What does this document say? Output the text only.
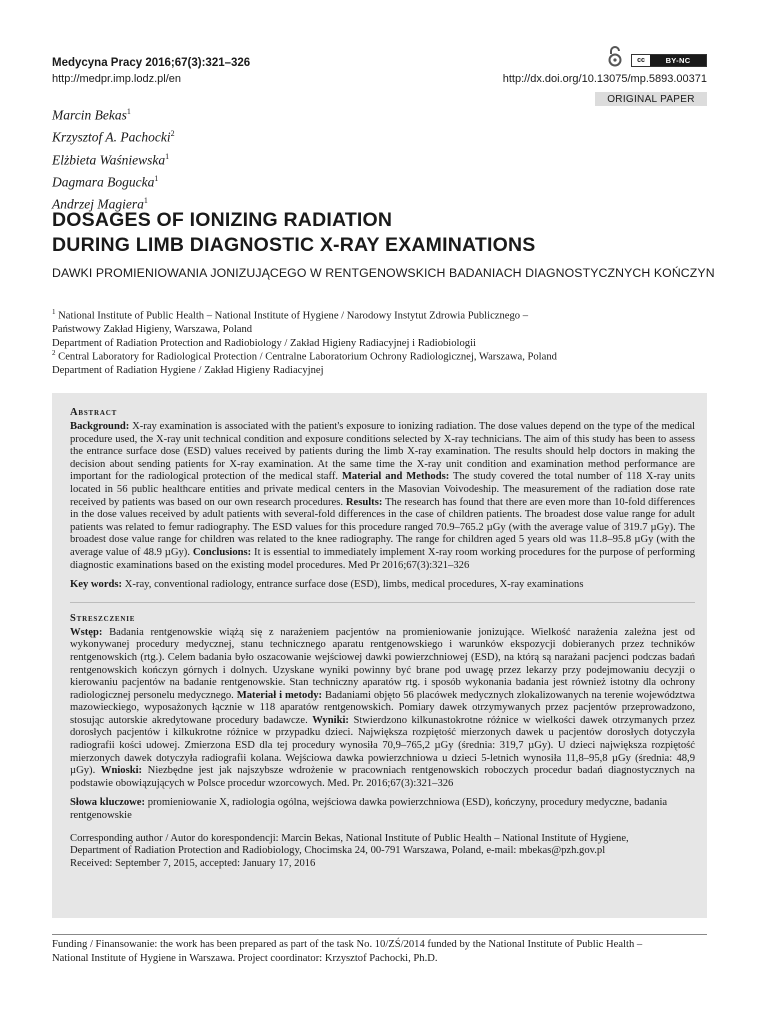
Medycyna Pracy 2016;67(3):321–326
http://medpr.imp.lodz.pl/en
cc	BY-NC
http://dx.doi.org/10.13075/mp.5893.00371
ORIGINAL PAPER
Marcin Bekas$^1$
Krzysztof A. Pachocki$^2$
Elżbieta Waśniewska$^1$
Dagmara Bogucka$^1$
Andrzej Magiera$^1$
DOSAGES OF IONIZING RADIATION
DURING LIMB DIAGNOSTIC X-RAY EXAMINATIONS
DAWKI PROMIENIOWANIA JONIZUJĄCEGO W RENTGENOWSKICH BADANIACH DIAGNOSTYCZNYCH KOŃCZYN
$^1$ National Institute of Public Health – National Institute of Hygiene / Narodowy Instytut Zdrowia Publicznego –
Państwowy Zakład Higieny, Warszawa, Poland
Department of Radiation Protection and Radiobiology / Zakład Higieny Radiacyjnej i Radiobiologii
$^2$ Central Laboratory for Radiological Protection / Centralne Laboratorium Ochrony Radiologicznej, Warszawa, Poland
Department of Radiation Hygiene / Zakład Higieny Radiacyjnej
Abstract

Background: X-ray examination is associated with the patient's exposure to ionizing radiation. The dose values depend on the type of the medical procedure used, the X-ray unit technical condition and exposure conditions selected by X-ray technicians. The aim of this study has been to assess the entrance surface dose (ESD) values received by patients during the limb X-ray examination. The results should help doctors in making the decision about sending patients for X-ray examination. At the same time the X-ray unit condition and examination method performance are important for the radiological protection of the medical staff. Material and Methods: The study covered the total number of 118 X-ray units located in 56 public healthcare entities and private medical centers in the Masovian Voivodeship. The measurement of the radiation dose rate received by patients was based on our own research procedures. Results: The research has found that there are even more than 10-fold differences in the dose values received by adult patients with several-fold differences in the case of children patients. The broadest dose value range for adult patients was related to femur radiography. The ESD values for this procedure ranged 70.9–765.2 µGy (with the average value of 319.7 µGy). The broadest dose value range for children was related to the knee radiography. The range for children aged 5 years old was 11.8–95.8 µGy (with the average value of 48.9 µGy). Conclusions: It is essential to immediately implement X-ray room working procedures for the purpose of performing diagnostic examinations based on the existing model procedures. Med Pr 2016;67(3):321–326

Key words: X-ray, conventional radiology, entrance surface dose (ESD), limbs, medical procedures, X-ray examinations

Streszczenie

Wstęp: Badania rentgenowskie wiążą się z narażeniem pacjentów na promieniowanie jonizujące. Wielkość narażenia zależna jest od wykonywanej procedury medycznej, stanu technicznego aparatu rentgenowskiego i warunków ekspozycji dobieranych przez techników rentgenowskich (rtg.). Celem badania było oszacowanie wejściowej dawki powierzchniowej (ESD), na którą są narażani pacjenci podczas badań rentgenowskich kończyn górnych i dolnych. Uzyskane wyniki powinny być brane pod uwagę przez lekarzy przy podejmowaniu decyzji o kierowaniu pacjentów na badanie rentgenowskie. Stan techniczny aparatów rtg. i sposób wykonania badania jest również istotny dla ochrony radiologicznej personelu medycznego. Materiał i metody: Badaniami objęto 56 placówek medycznych zlokalizowanych na terenie województwa mazowieckiego, wyposażonych łącznie w 118 aparatów rentgenowskich. Pomiary dawek otrzymywanych przez pacjentów przeprowadzono, stosując autorskie akredytowane procedury badawcze. Wyniki: Stwierdzono kilkunastokrotne różnice w wielkości dawek otrzymanych przez dorosłych pacjentów i kilkukrotne różnice w przypadku dzieci. Największa rozpiętość mierzonych dawek u pacjentów dorosłych dotyczyła radiografii kości udowej. Zmierzona ESD dla tej procedury wynosiła 70,9–765,2 µGy (średnia: 319,7 µGy). U dzieci największa rozpiętość mierzonych dawek dotyczyła radiografii kolana. Wejściowa dawka powierzchniowa u dzieci 5-letnich wynosiła 11,8–95,8 µGy (średnia: 48,9 µGy). Wnioski: Niezbędne jest jak najszybsze wdrożenie w pracowniach rentgenowskich roboczych procedur badań diagnostycznych na podstawie obowiązujących w Polsce procedur wzorcowych. Med. Pr. 2016;67(3):321–326

Słowa kluczowe: promieniowanie X, radiologia ogólna, wejściowa dawka powierzchniowa (ESD), kończyny, procedury medyczne, badania rentgenowskie

Corresponding author / Autor do korespondencji: Marcin Bekas, National Institute of Public Health – National Institute of Hygiene,
Department of Radiation Protection and Radiobiology, Chocimska 24, 00-791 Warszawa, Poland, e-mail: mbekas@pzh.gov.pl
Received: September 7, 2015, accepted: January 17, 2016
Funding / Finansowanie: the work has been prepared as part of the task No. 10/ZŚ/2014 funded by the National Institute of Public Health –
National Institute of Hygiene in Warszawa. Project coordinator: Krzysztof Pachocki, Ph.D.
